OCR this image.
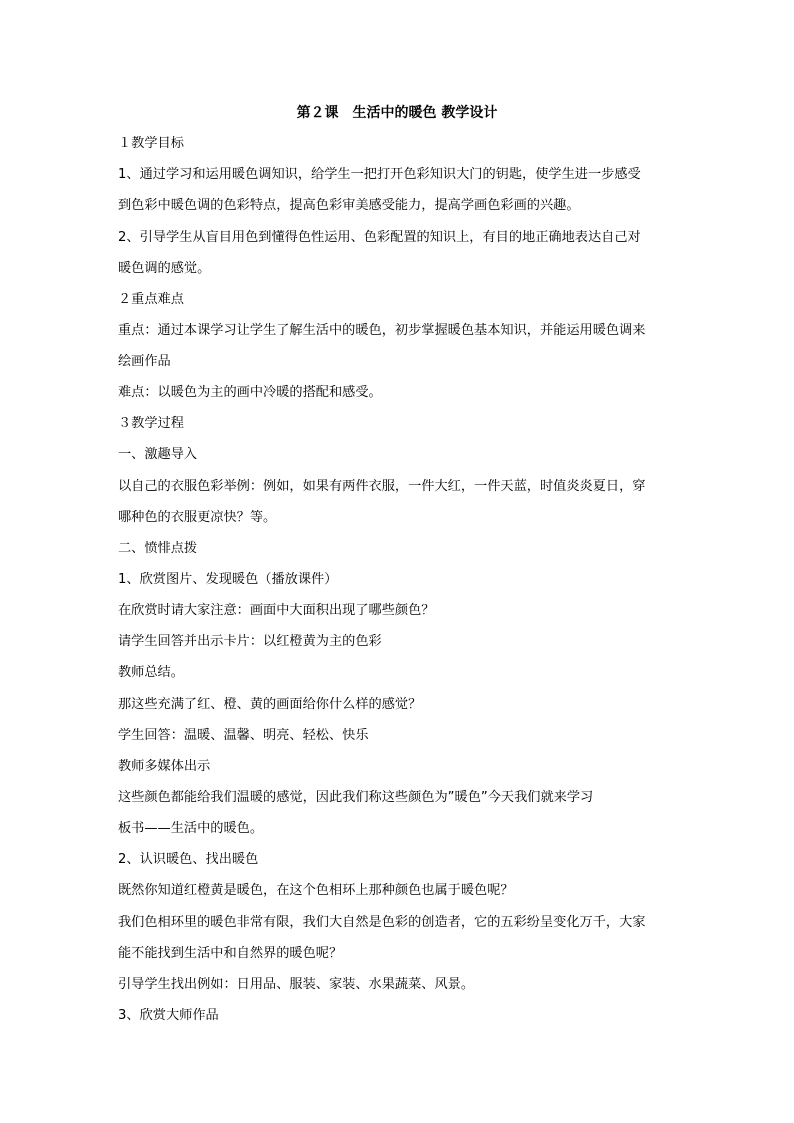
第２课　生活中的暖色 教学设计
１教学目标
1、通过学习和运用暖色调知识，给学生一把打开色彩知识大门的钥匙，使学生进一步感受
到色彩中暖色调的色彩特点，提高色彩审美感受能力，提高学画色彩画的兴趣。
2、引导学生从盲目用色到懂得色性运用、色彩配置的知识上，有目的地正确地表达自己对
暖色调的感觉。
２重点难点
重点：通过本课学习让学生了解生活中的暖色，初步掌握暖色基本知识，并能运用暖色调来
绘画作品
难点：以暖色为主的画中冷暖的搭配和感受。
３教学过程
一、激趣导入
以自己的衣服色彩举例：例如，如果有两件衣服，一件大红，一件天蓝，时值炎炎夏日，穿
哪种色的衣服更凉快？等。
二、愤悱点拨
1、欣赏图片、发现暖色（播放课件）
在欣赏时请大家注意：画面中大面积出现了哪些颜色？
请学生回答并出示卡片：以红橙黄为主的色彩
教师总结。
那这些充满了红、橙、黄的画面给你什么样的感觉？
学生回答：温暖、温馨、明亮、轻松、快乐
教师多媒体出示
这些颜色都能给我们温暖的感觉，因此我们称这些颜色为”暖色”今天我们就来学习
板书——生活中的暖色。
2、认识暖色、找出暖色
既然你知道红橙黄是暖色，在这个色相环上那种颜色也属于暖色呢？
我们色相环里的暖色非常有限，我们大自然是色彩的创造者，它的五彩纷呈变化万千，大家
能不能找到生活中和自然界的暖色呢？
引导学生找出例如：日用品、服装、家装、水果蔬菜、风景。
3、欣赏大师作品
